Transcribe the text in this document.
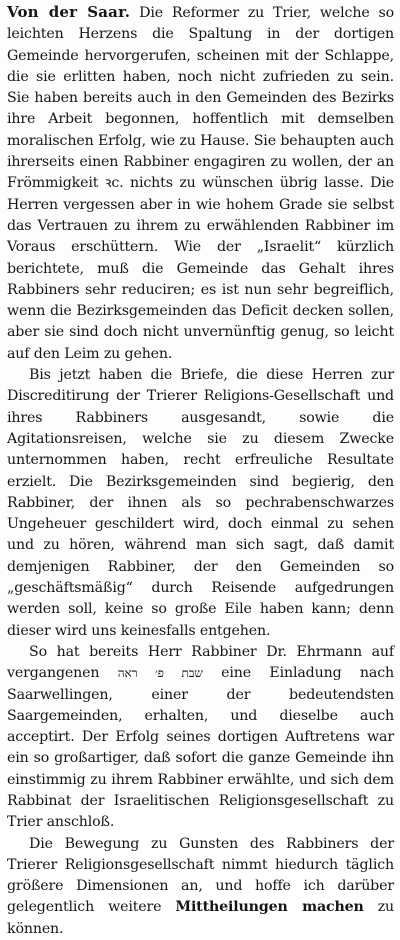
Von der Saar. Die Reformer zu Trier, welche so leichten Herzens die Spaltung in der dortigen Gemeinde hervorgerufen, scheinen mit der Schlappe, die sie erlitten haben, noch nicht zufrieden zu sein. Sie haben bereits auch in den Gemeinden des Bezirks ihre Arbeit begonnen, hoffentlich mit demselben moralischen Erfolg, wie zu Hause. Sie behaupten auch ihrerseits einen Rabbiner engagiren zu wollen, der an Frömmigkeit ꝛc. nichts zu wünschen übrig lasse. Die Herren vergessen aber in wie hohem Grade sie selbst das Vertrauen zu ihrem zu erwählenden Rabbiner im Voraus erschüttern. Wie der „Israelit“ kürzlich berichtete, muß die Gemeinde das Gehalt ihres Rabbiners sehr reduciren; es ist nun sehr begreiflich, wenn die Bezirksgemeinden das Deficit decken sollen, aber sie sind doch nicht unvernünftig genug, so leicht auf den Leim zu gehen.

Bis jetzt haben die Briefe, die diese Herren zur Discreditirung der Trierer Religions-Gesellschaft und ihres Rabbiners ausgesandt, sowie die Agitationsreisen, welche sie zu diesem Zwecke unternommen haben, recht erfreuliche Resultate erzielt. Die Bezirksgemeinden sind begierig, den Rabbiner, der ihnen als so pechrabenschwarzes Ungeheuer geschildert wird, doch einmal zu sehen und zu hören, während man sich sagt, daß damit demjenigen Rabbiner, der den Gemeinden so „geschäftsmäßig“ durch Reisende aufgedrungen werden soll, keine so große Eile haben kann; denn dieser wird uns keinesfalls entgehen.

So hat bereits Herr Rabbiner Dr. Ehrmann auf vergangenen שבת פ׳ ראה eine Einladung nach Saarwellingen, einer der bedeutendsten Saargemeinden, erhalten, und dieselbe auch acceptirt. Der Erfolg seines dortigen Auftretens war ein so großartiger, daß sofort die ganze Gemeinde ihn einstimmig zu ihrem Rabbiner erwählte, und sich dem Rabbinat der Israelitischen Religionsgesellschaft zu Trier anschloß.

Die Bewegung zu Gunsten des Rabbiners der Trierer Religionsgesellschaft nimmt hiedurch täglich größere Dimensionen an, und hoffe ich darüber gelegentlich weitere Mittheilungen machen zu können.
